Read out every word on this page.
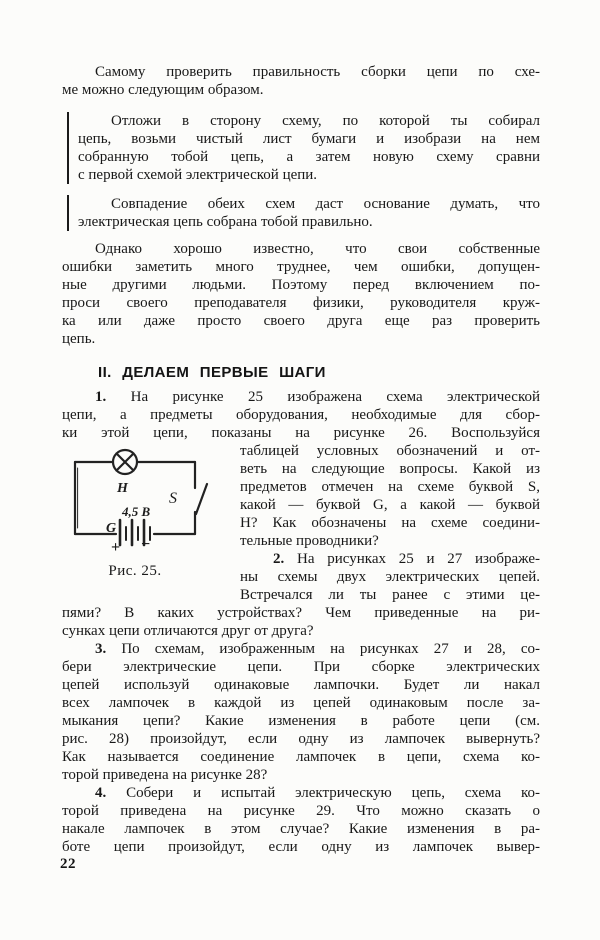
Самому проверить правильность сборки цепи по схе-
ме можно следующим образом.
Отложи в сторону схему, по которой ты собирал
цепь, возьми чистый лист бумаги и изобрази на нем
собранную тобой цепь, а затем новую схему сравни
с первой схемой электрической цепи.
Совпадение обеих схем даст основание думать, что
электрическая цепь собрана тобой правильно.
Однако хорошо известно, что свои собственные
ошибки заметить много труднее, чем ошибки, допущен-
ные другими людьми. Поэтому перед включением по-
проси своего преподавателя физики, руководителя круж-
ка или даже просто своего друга еще раз проверить
цепь.
II. ДЕЛАЕМ ПЕРВЫЕ ШАГИ
1. На рисунке 25 изображена схема электрической
цепи, а предметы оборудования, необходимые для сбор-
ки этой цепи, показаны на рисунке 26. Воспользуйся
Н
S
G
4,5 В
+ −
Рис. 25.
таблицей условных обозначений и от-
веть на следующие вопросы. Какой из
предметов отмечен на схеме буквой S,
какой — буквой G, а какой — буквой
Н? Как обозначены на схеме соедини-
тельные проводники?
2. На рисунках 25 и 27 изображе-
ны схемы двух электрических цепей.
Встречался ли ты ранее с этими це-
пями? В каких устройствах? Чем приведенные на ри-
сунках цепи отличаются друг от друга?
3. По схемам, изображенным на рисунках 27 и 28, со-
бери электрические цепи. При сборке электрических
цепей используй одинаковые лампочки. Будет ли накал
всех лампочек в каждой из цепей одинаковым после за-
мыкания цепи? Какие изменения в работе цепи (см.
рис. 28) произойдут, если одну из лампочек вывернуть?
Как называется соединение лампочек в цепи, схема ко-
торой приведена на рисунке 28?
4. Собери и испытай электрическую цепь, схема ко-
торой приведена на рисунке 29. Что можно сказать о
накале лампочек в этом случае? Какие изменения в ра-
боте цепи произойдут, если одну из лампочек вывер-
22
